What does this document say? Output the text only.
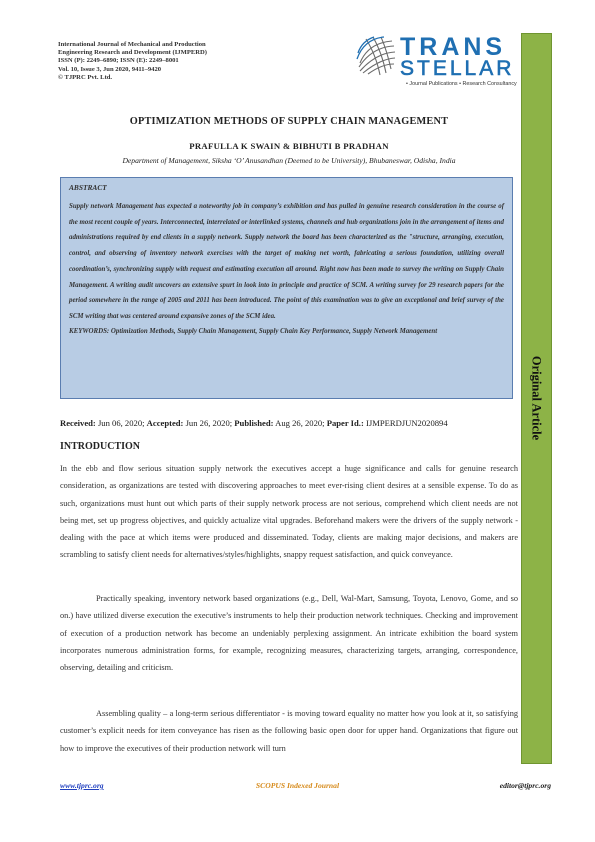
International Journal of Mechanical and Production
Engineering Research and Development (IJMPERD)
ISSN (P): 2249–6890; ISSN (E): 2249–8001
Vol. 10, Issue 3, Jun 2020, 9411–9420
© TJPRC Pvt. Ltd.
TRANS
STELLAR
• Journal Publications • Research Consultancy
Original Article
OPTIMIZATION METHODS OF SUPPLY CHAIN MANAGEMENT
PRAFULLA K SWAIN & BIBHUTI B PRADHAN
Department of Management, Siksha ‘O’ Anusandhan (Deemed to be University), Bhubaneswar, Odisha, India
ABSTRACT
Supply network Management has expected a noteworthy job in company’s exhibition and has pulled in genuine research consideration in the course of the most recent couple of years. Interconnected, interrelated or interlinked systems, channels and hub organizations join in the arrangement of items and administrations required by end clients in a supply network. Supply network the board has been characterized as the "structure, arranging, execution, control, and observing of inventory network exercises with the target of making net worth, fabricating a serious foundation, utilizing overall coordination’s, synchronizing supply with request and estimating execution all around. Right now has been made to survey the writing on Supply Chain Management. A writing audit uncovers an extensive spurt in look into in principle and practice of SCM. A writing survey for 29 research papers for the period somewhere in the range of 2005 and 2011 has been introduced. The point of this examination was to give an exceptional and brief survey of the SCM writing that was centered around expansive zones of the SCM idea.
KEYWORDS: Optimization Methods, Supply Chain Management, Supply Chain Key Performance, Supply Network Management
Received: Jun 06, 2020; Accepted: Jun 26, 2020; Published: Aug 26, 2020; Paper Id.: IJMPERDJUN2020894
INTRODUCTION
In the ebb and flow serious situation supply network the executives accept a huge significance and calls for genuine research consideration, as organizations are tested with discovering approaches to meet ever-rising client desires at a sensible expense. To do as such, organizations must hunt out which parts of their supply network process are not serious, comprehend which client needs are not being met, set up progress objectives, and quickly actualize vital upgrades. Beforehand makers were the drivers of the supply network - dealing with the pace at which items were produced and disseminated. Today, clients are making major decisions, and makers are scrambling to satisfy client needs for alternatives/styles/highlights, snappy request satisfaction, and quick conveyance.
Practically speaking, inventory network based organizations (e.g., Dell, Wal-Mart, Samsung, Toyota, Lenovo, Gome, and so on.) have utilized diverse execution the executive’s instruments to help their production network techniques. Checking and improvement of execution of a production network has become an undeniably perplexing assignment. An intricate exhibition the board system incorporates numerous administration forms, for example, recognizing measures, characterizing targets, arranging, correspondence, observing, detailing and criticism.
Assembling quality – a long-term serious differentiator - is moving toward equality no matter how you look at it, so satisfying customer’s explicit needs for item conveyance has risen as the following basic open door for upper hand. Organizations that figure out how to improve the executives of their production network will turn
www.tjprc.org	SCOPUS Indexed Journal	editor@tjprc.org
